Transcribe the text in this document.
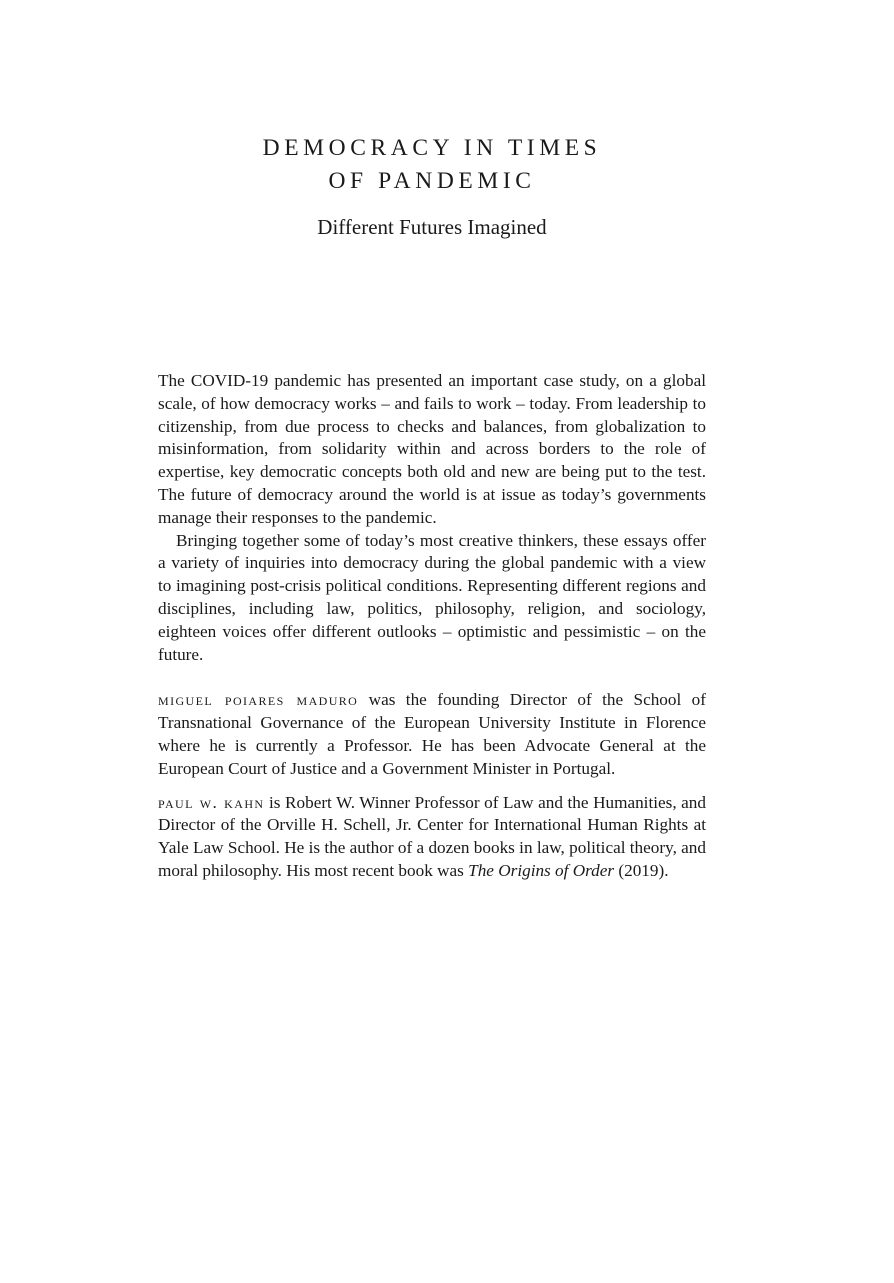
DEMOCRACY IN TIMES
OF PANDEMIC
Different Futures Imagined

The COVID-19 pandemic has presented an important case study, on a global scale, of how democracy works – and fails to work – today. From leadership to citizenship, from due process to checks and balances, from globalization to misinformation, from solidarity within and across borders to the role of expertise, key democratic concepts both old and new are being put to the test. The future of democracy around the world is at issue as today’s governments manage their responses to the pandemic.

Bringing together some of today’s most creative thinkers, these essays offer a variety of inquiries into democracy during the global pandemic with a view to imagining post-crisis political conditions. Representing different regions and disciplines, including law, politics, philosophy, religion, and sociology, eighteen voices offer different outlooks – optimistic and pessimistic – on the future.

miguel poiares maduro was the founding Director of the School of Transnational Governance of the European University Institute in Florence where he is currently a Professor. He has been Advocate General at the European Court of Justice and a Government Minister in Portugal.

paul w. kahn is Robert W. Winner Professor of Law and the Humanities, and Director of the Orville H. Schell, Jr. Center for International Human Rights at Yale Law School. He is the author of a dozen books in law, political theory, and moral philosophy. His most recent book was The Origins of Order (2019).
